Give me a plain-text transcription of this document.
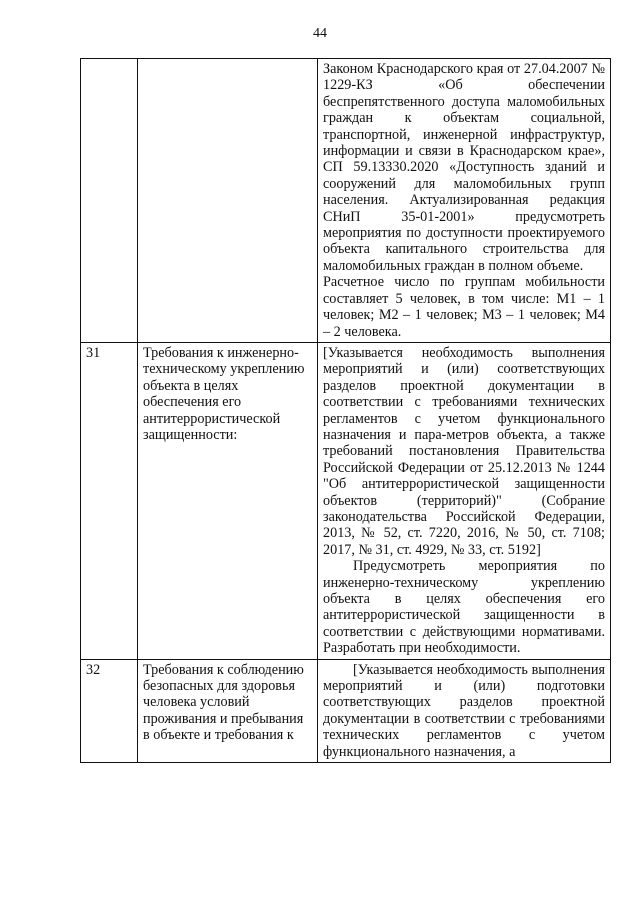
44

		Законом Краснодарского края от 27.04.2007 № 1229-КЗ «Об обеспечении беспрепятственного доступа маломобильных граждан к объектам социальной, транспортной, инженерной инфраструктур, информации и связи в Краснодарском крае», СП 59.13330.2020 «Доступность зданий и сооружений для маломобильных групп населения. Актуализированная редакция СНиП 35-01-2001» предусмотреть мероприятия по доступности проектируемого объекта капитального строительства для маломобильных граждан в полном объеме.

Расчетное число по группам мобильности составляет 5 человек, в том числе: М1 – 1 человек; М2 – 1 человек; М3 – 1 человек; М4 – 2 человека.

31	Требования к инженерно-техническому укреплению объекта в целях обеспечения его антитеррористической защищенности:	[Указывается необходимость выполнения мероприятий и (или) соответствующих разделов проектной документации в соответствии с требованиями технических регламентов с учетом функционального назначения и пара-метров объекта, а также требований постановления Правительства Российской Федерации от 25.12.2013 № 1244 "Об антитеррористической защищенности объектов (территорий)" (Собрание законодательства Российской Федерации, 2013, № 52, ст. 7220, 2016, № 50, ст. 7108; 2017, № 31, ст. 4929, № 33, ст. 5192]

Предусмотреть мероприятия по инженерно-техническому укреплению объекта в целях обеспечения его антитеррористической защищенности в соответствии с действующими нормативами. Разработать при необходимости.

32	Требования к соблюдению безопасных для здоровья человека условий проживания и пребывания в объекте и требования к	[Указывается необходимость выполнения мероприятий и (или) подготовки соответствующих разделов проектной документации в соответствии с требованиями технических регламентов с учетом функционального назначения, а
